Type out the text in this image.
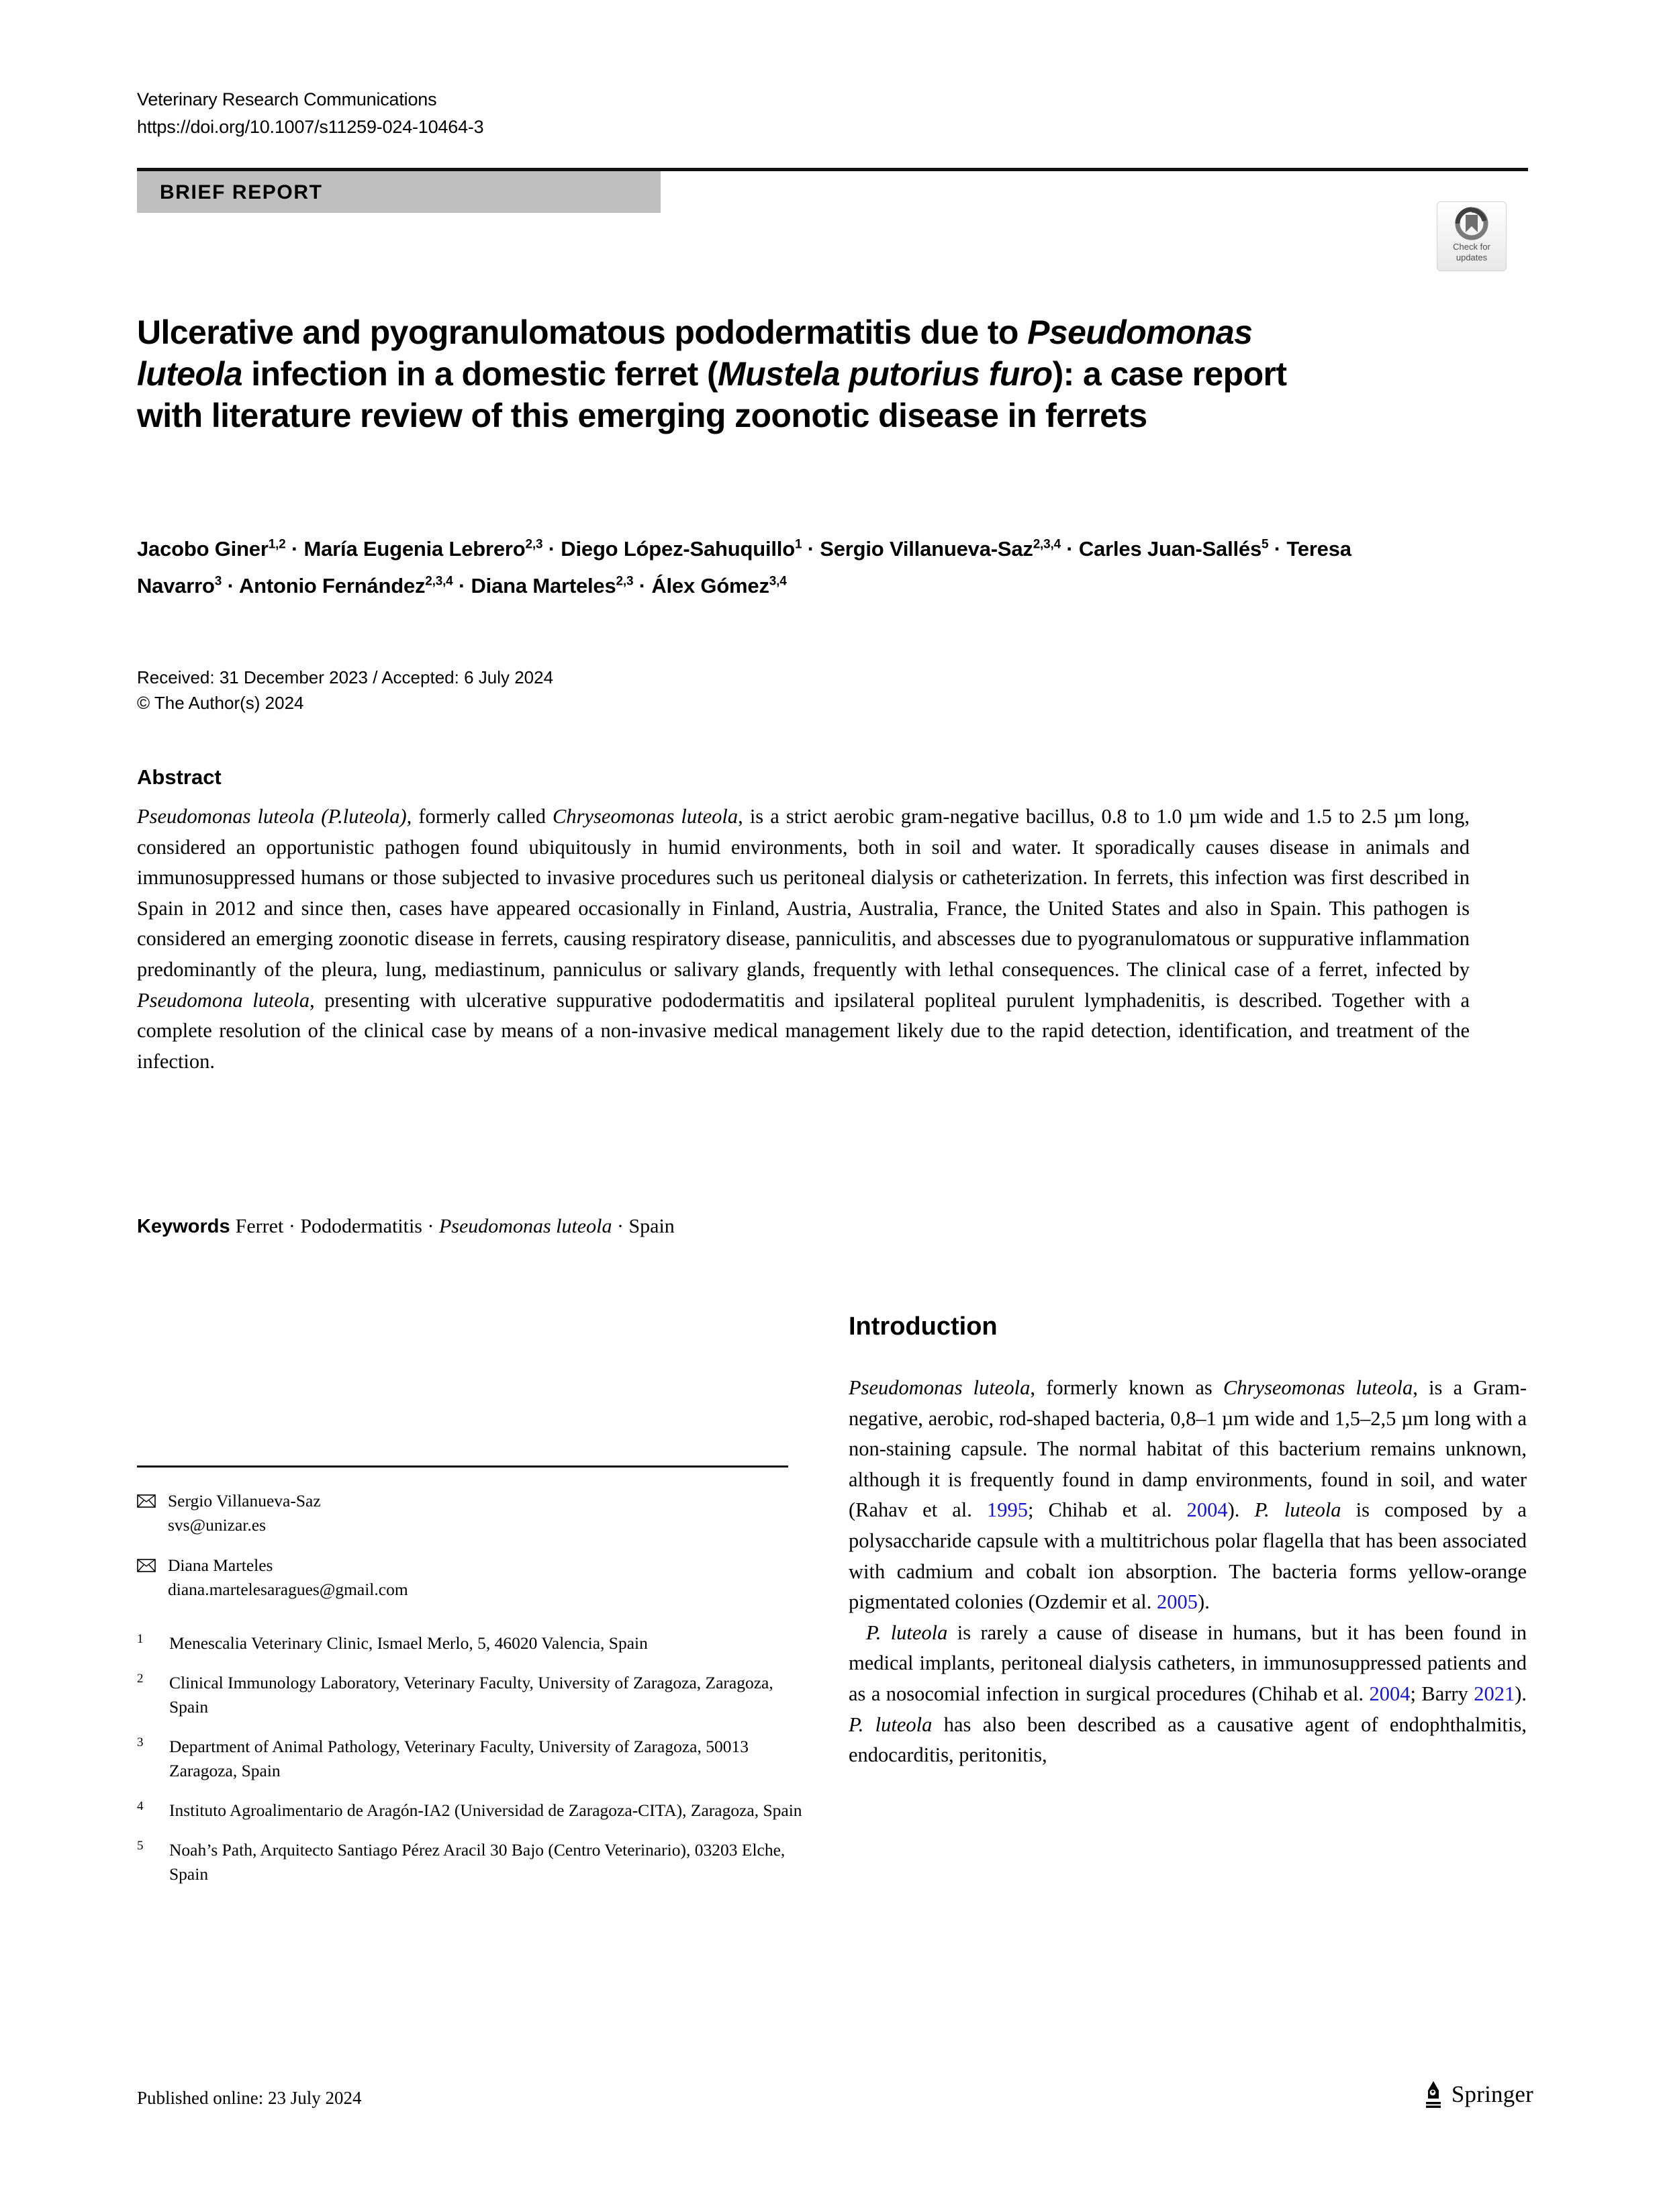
Veterinary Research Communications
https://doi.org/10.1007/s11259-024-10464-3
BRIEF REPORT
Check for
updates
Ulcerative and pyogranulomatous pododermatitis due to Pseudomonas luteola infection in a domestic ferret (Mustela putorius furo): a case report with literature review of this emerging zoonotic disease in ferrets
Jacobo Giner$^{1,2}$ · María Eugenia Lebrero$^{2,3}$ · Diego López-Sahuquillo$^1$ · Sergio Villanueva-Saz$^{2,3,4}$ · Carles Juan-Sallés$^5$ · Teresa Navarro$^3$ · Antonio Fernández$^{2,3,4}$ · Diana Marteles$^{2,3}$ · Álex Gómez$^{3,4}$
Received: 31 December 2023 / Accepted: 6 July 2024
© The Author(s) 2024
Abstract
Pseudomonas luteola (P.luteola), formerly called Chryseomonas luteola, is a strict aerobic gram-negative bacillus, 0.8 to 1.0 µm wide and 1.5 to 2.5 µm long, considered an opportunistic pathogen found ubiquitously in humid environments, both in soil and water. It sporadically causes disease in animals and immunosuppressed humans or those subjected to invasive procedures such us peritoneal dialysis or catheterization. In ferrets, this infection was first described in Spain in 2012 and since then, cases have appeared occasionally in Finland, Austria, Australia, France, the United States and also in Spain. This pathogen is considered an emerging zoonotic disease in ferrets, causing respiratory disease, panniculitis, and abscesses due to pyogranulomatous or suppurative inflammation predominantly of the pleura, lung, mediastinum, panniculus or salivary glands, frequently with lethal consequences. The clinical case of a ferret, infected by Pseudomona luteola, presenting with ulcerative suppurative pododermatitis and ipsilateral popliteal purulent lymphadenitis, is described. Together with a complete resolution of the clinical case by means of a non-invasive medical management likely due to the rapid detection, identification, and treatment of the infection.
Keywords Ferret · Pododermatitis · Pseudomonas luteola · Spain
Sergio Villanueva-Saz
svs@unizar.es
Diana Marteles
diana.martelesaragues@gmail.com
1	Menescalia Veterinary Clinic, Ismael Merlo, 5, 46020 Valencia, Spain
2	Clinical Immunology Laboratory, Veterinary Faculty, University of Zaragoza, Zaragoza, Spain
3	Department of Animal Pathology, Veterinary Faculty, University of Zaragoza, 50013 Zaragoza, Spain
4	Instituto Agroalimentario de Aragón-IA2 (Universidad de Zaragoza-CITA), Zaragoza, Spain
5	Noah’s Path, Arquitecto Santiago Pérez Aracil 30 Bajo (Centro Veterinario), 03203 Elche, Spain
Introduction

Pseudomonas luteola, formerly known as Chryseomonas luteola, is a Gram-negative, aerobic, rod-shaped bacteria, 0,8–1 µm wide and 1,5–2,5 µm long with a non-staining capsule. The normal habitat of this bacterium remains unknown, although it is frequently found in damp environments, found in soil, and water (Rahav et al. 1995; Chihab et al. 2004). P. luteola is composed by a polysaccharide capsule with a multitrichous polar flagella that has been associated with cadmium and cobalt ion absorption. The bacteria forms yellow-orange pigmentated colonies (Ozdemir et al. 2005).

P. luteola is rarely a cause of disease in humans, but it has been found in medical implants, peritoneal dialysis catheters, in immunosuppressed patients and as a nosocomial infection in surgical procedures (Chihab et al. 2004; Barry 2021). P. luteola has also been described as a causative agent of endophthalmitis, endocarditis, peritonitis,

Published online: 23 July 2024	Springer
